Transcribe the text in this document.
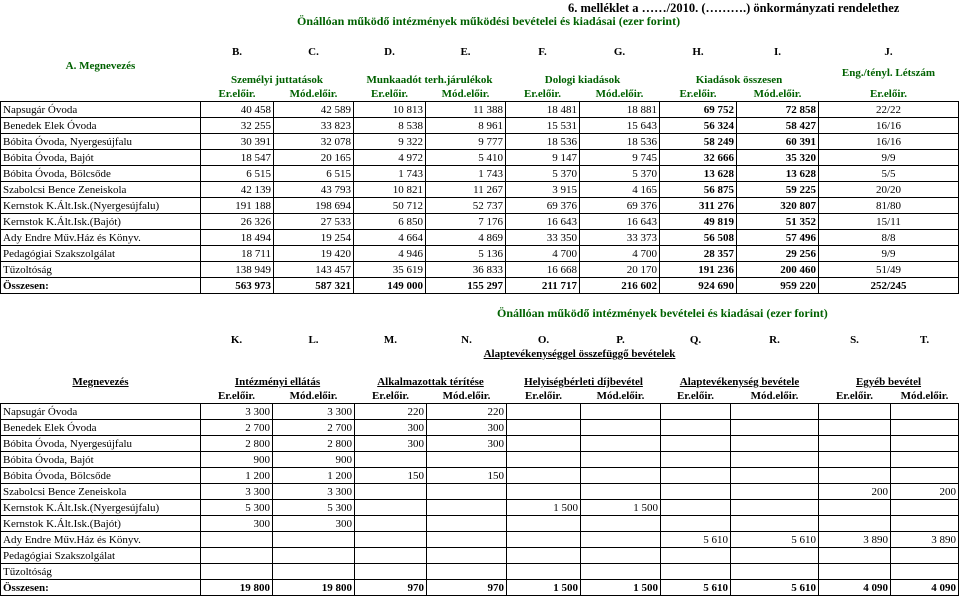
6. melléklet a ……/2010. (……….) önkormányzati rendelethez
Önállóan működő intézmények működési bevételei és kiadásai (ezer forint)
Önállóan működő intézmények bevételei és kiadásai (ezer forint)
	B.	C.	D.	E.	F.	G.	H.	I.	J.
A. Megnevezés	Személyi juttatások		Munkaadót terh.járulékok		Dologi kiadások		Kiadások összesen		Eng./tényl. Létszám
	Er.előir.	Mód.előir.	Er.előir.	Mód.előir.	Er.előir.	Mód.előir.	Er.előir.	Mód.előir.	Er.előir.
Napsugár Óvoda	40 458	42 589	10 813	11 388	18 481	18 881	69 752	72 858	22/22
Benedek Elek Óvoda	32 255	33 823	8 538	8 961	15 531	15 643	56 324	58 427	16/16
Bóbita Óvoda, Nyergesújfalu	30 391	32 078	9 322	9 777	18 536	18 536	58 249	60 391	16/16
Bóbita Óvoda, Bajót	18 547	20 165	4 972	5 410	9 147	9 745	32 666	35 320	9/9
Bóbita Óvoda, Bölcsőde	6 515	6 515	1 743	1 743	5 370	5 370	13 628	13 628	5/5
Szabolcsi Bence Zeneiskola	42 139	43 793	10 821	11 267	3 915	4 165	56 875	59 225	20/20
Kernstok K.Ált.Isk.(Nyergesújfalu)	191 188	198 694	50 712	52 737	69 376	69 376	311 276	320 807	81/80
Kernstok K.Ált.Isk.(Bajót)	26 326	27 533	6 850	7 176	16 643	16 643	49 819	51 352	15/11
Ady Endre Műv.Ház és Könyv.	18 494	19 254	4 664	4 869	33 350	33 373	56 508	57 496	8/8
Pedagógiai Szakszolgálat	18 711	19 420	4 946	5 136	4 700	4 700	28 357	29 256	9/9
Tűzoltóság	138 949	143 457	35 619	36 833	16 668	20 170	191 236	200 460	51/49
Összesen:	563 973	587 321	149 000	155 297	211 717	216 602	924 690	959 220	252/245
	K.	L.	M.	N.	O.	P.	Q.	R.	S.	T.
	Alaptevékenységgel összefüggő bevételek									

Megnevezés	Intézményi ellátás		Alkalmazottak térítése		Helyiségbérleti díjbevétel		Alaptevékenység bevétele		Egyéb bevétel	
	Er.előir.	Mód.előir.	Er.előir.	Mód.előir.	Er.előir.	Mód.előir.	Er.előir.	Mód.előir.	Er.előir.	Mód.előir.
Napsugár Óvoda	3 300	3 300	220	220						
Benedek Elek Óvoda	2 700	2 700	300	300						
Bóbita Óvoda, Nyergesújfalu	2 800	2 800	300	300						
Bóbita Óvoda, Bajót	900	900								
Bóbita Óvoda, Bölcsőde	1 200	1 200	150	150						
Szabolcsi Bence Zeneiskola	3 300	3 300							200	200
Kernstok K.Ált.Isk.(Nyergesújfalu)	5 300	5 300			1 500	1 500				
Kernstok K.Ált.Isk.(Bajót)	300	300								
Ady Endre Műv.Ház és Könyv.							5 610	5 610	3 890	3 890
Pedagógiai Szakszolgálat										
Tűzoltóság										
Összesen:	19 800	19 800	970	970	1 500	1 500	5 610	5 610	4 090	4 090
